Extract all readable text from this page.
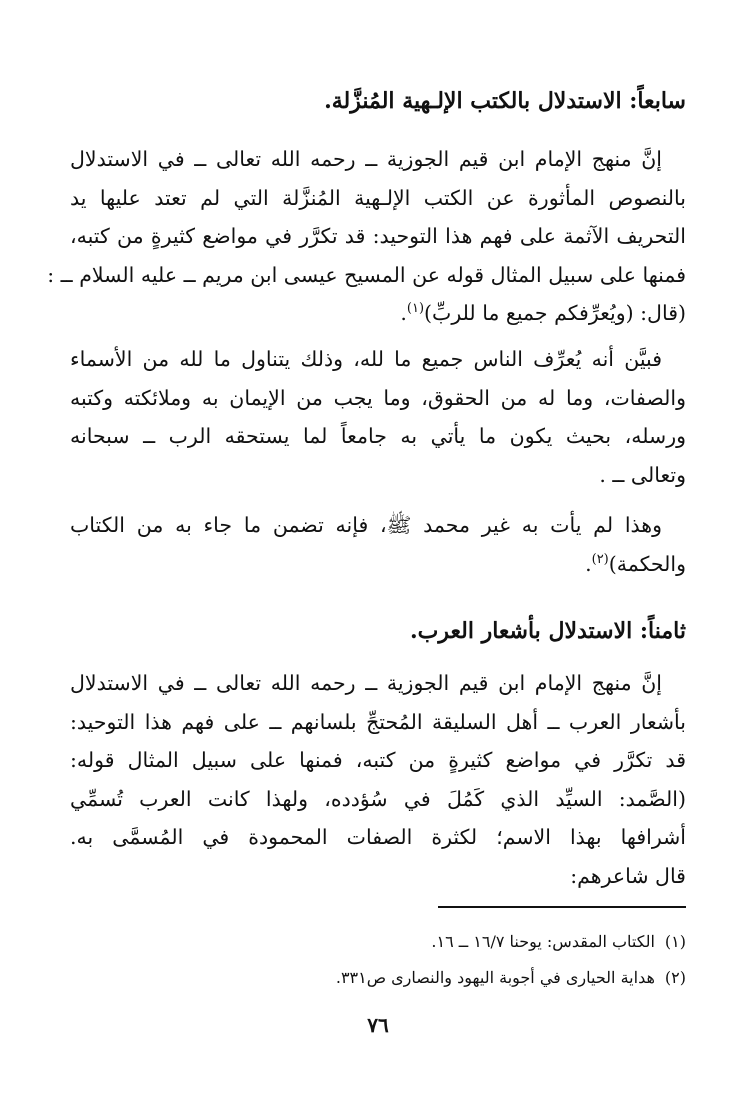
سابعاً: الاستدلال بالكتب الإلـهية المُنزَّلة.
إنَّ منهج الإمام ابن قيم الجوزية ــ رحمه الله تعالى ــ في الاستدلال
بالنصوص المأثورة عن الكتب الإلـهية المُنزَّلة التي لم تعتد عليها يد
التحريف الآثمة على فهم هذا التوحيد: قد تكرَّر في مواضع كثيرةٍ من كتبه،
فمنها على سبيل المثال قوله عن المسيح عيسى ابن مريم ــ عليه السلام ــ :
(قال: (ويُعرِّفكم جميع ما للربِّ)$^{(١)}$.
فبيَّن أنه يُعرِّف الناس جميع ما لله، وذلك يتناول ما لله من الأسماء
والصفات، وما له من الحقوق، وما يجب من الإيمان به وملائكته وكتبه
ورسله، بحيث يكون ما يأتي به جامعاً لما يستحقه الرب ــ سبحانه
وتعالى ــ .
وهذا لم يأت به غير محمد ﷺ، فإنه تضمن ما جاء به من الكتاب
والحكمة)$^{(٢)}$.
ثامناً: الاستدلال بأشعار العرب.
إنَّ منهج الإمام ابن قيم الجوزية ــ رحمه الله تعالى ــ في الاستدلال
بأشعار العرب ــ أهل السليقة المُحتجِّ بلسانهم ــ على فهم هذا التوحيد:
قد تكرَّر في مواضع كثيرةٍ من كتبه، فمنها على سبيل المثال قوله:
(الصَّمد: السيِّد الذي كَمُلَ في سُؤدده، ولهذا كانت العرب تُسمِّي
أشرافها بهذا الاسم؛ لكثرة الصفات المحمودة في المُسمَّى به.
قال شاعرهم:
(١)الكتاب المقدس: يوحنا ١٦/٧ ــ ١٦.
(٢)هداية الحيارى في أجوبة اليهود والنصارى ص٣٣١.
٧٦
